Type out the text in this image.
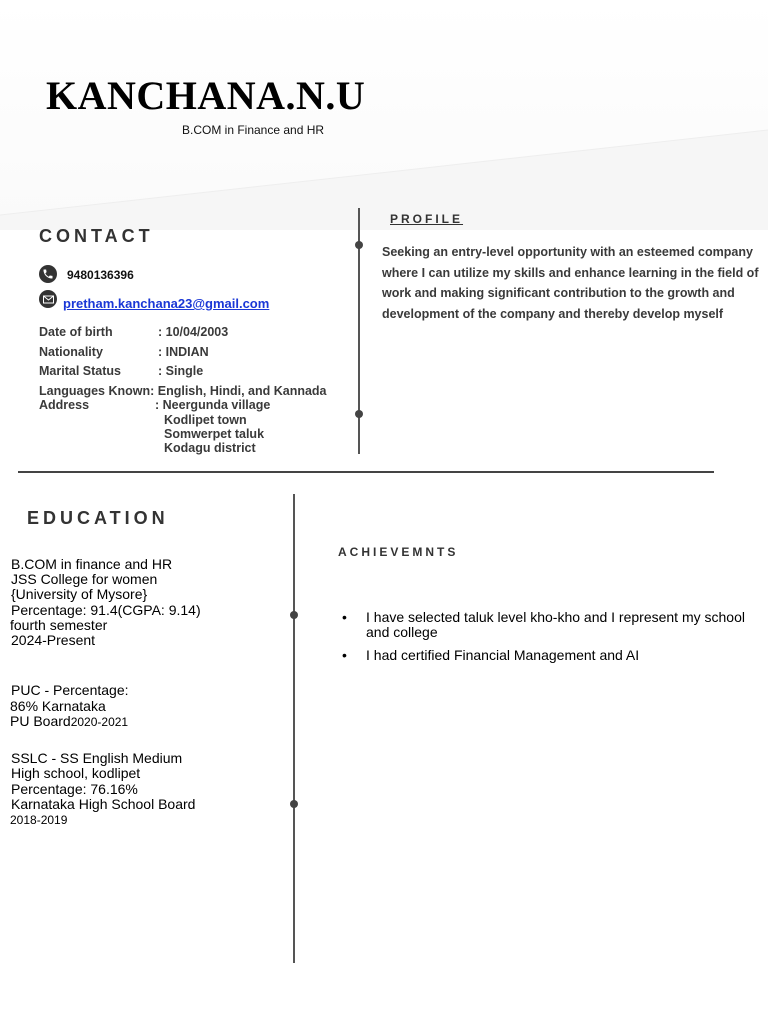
KANCHANA.N.U
B.COM in Finance and HR
CONTACT
9480136396
pretham.kanchana23@gmail.com
Date of birth	: 10/04/2003
Nationality	: INDIAN
Marital Status	: Single
Languages Known: English, Hindi, and Kannada
Address	: Neergunda village
Kodlipet town
Somwerpet taluk
Kodagu district
PROFILE
Seeking an entry-level opportunity with an esteemed company where I can utilize my skills and enhance learning in the field of work and making significant contribution to the growth and development of the company and thereby develop myself
EDUCATION
B.COM in finance and HR
JSS College for women
{University of Mysore}
Percentage: 91.4(CGPA: 9.14)
fourth semester
2024-Present
PUC - Percentage:
86% Karnataka
PU Board2020-2021
SSLC - SS English Medium
High school, kodlipet
Percentage: 76.16%
Karnataka High School Board
2018-2019
ACHIEVEMNTS
• I have selected taluk level kho-kho and I represent my school and college
• I had certified Financial Management and AI
